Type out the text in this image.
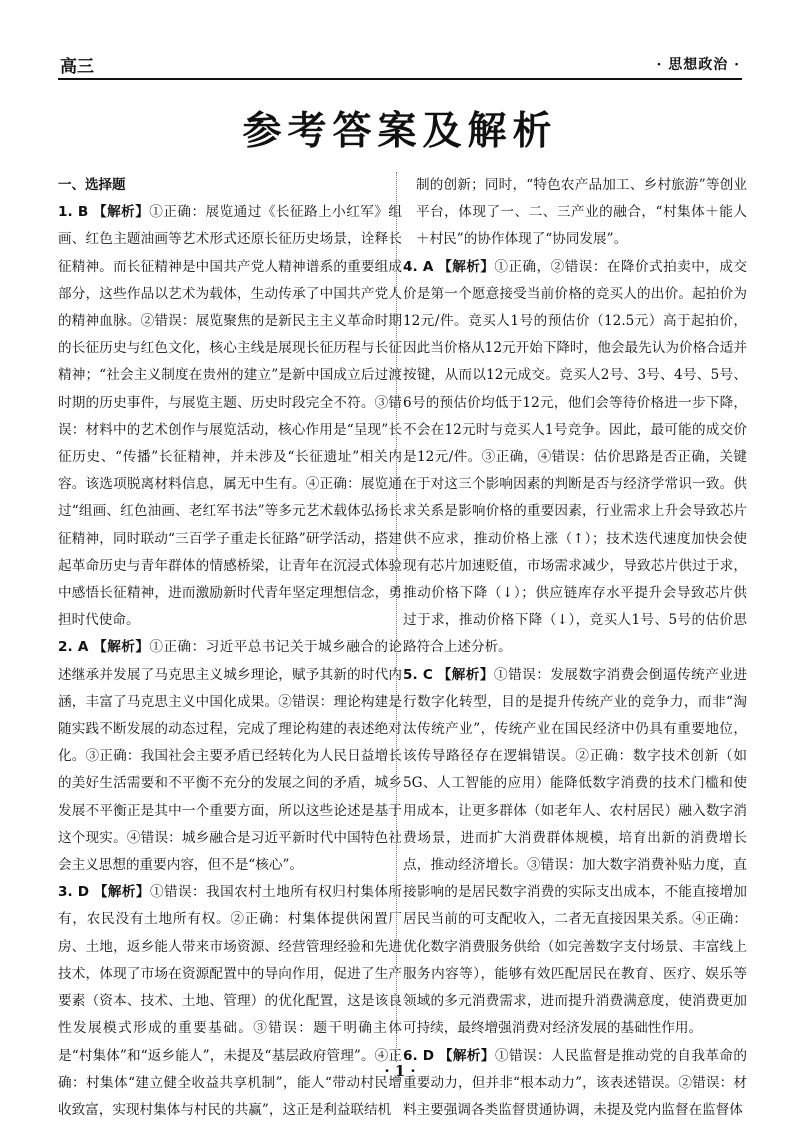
高三	· 思想政治 ·
参考答案及解析
一、选择题

1. B 【解析】①正确：展览通过《长征路上小红军》组画、红色主题油画等艺术形式还原长征历史场景，诠释长征精神。而长征精神是中国共产党人精神谱系的重要组成部分，这些作品以艺术为载体，生动传承了中国共产党人的精神血脉。②错误：展览聚焦的是新民主主义革命时期的长征历史与红色文化，核心主线是展现长征历程与长征精神；“社会主义制度在贵州的建立”是新中国成立后过渡时期的历史事件，与展览主题、历史时段完全不符。③错误：材料中的艺术创作与展览活动，核心作用是“呈现”长征历史、“传播”长征精神，并未涉及“长征遗址”相关内容。该选项脱离材料信息，属无中生有。④正确：展览通过“组画、红色油画、老红军书法”等多元艺术载体弘扬长征精神，同时联动“三百学子重走长征路”研学活动，搭建起革命历史与青年群体的情感桥梁，让青年在沉浸式体验中感悟长征精神，进而激励新时代青年坚定理想信念，勇担时代使命。

2. A 【解析】①正确：习近平总书记关于城乡融合的论述继承并发展了马克思主义城乡理论，赋予其新的时代内涵，丰富了马克思主义中国化成果。②错误：理论构建是随实践不断发展的动态过程，完成了理论构建的表述绝对化。③正确：我国社会主要矛盾已经转化为人民日益增长的美好生活需要和不平衡不充分的发展之间的矛盾，城乡发展不平衡正是其中一个重要方面，所以这些论述是基于这个现实。④错误：城乡融合是习近平新时代中国特色社会主义思想的重要内容，但不是“核心”。

3. D 【解析】①错误：我国农村土地所有权归村集体所有，农民没有土地所有权。②正确：村集体提供闲置厂房、土地，返乡能人带来市场资源、经营管理经验和先进技术，体现了市场在资源配置中的导向作用，促进了生产要素（资本、技术、土地、管理）的优化配置，这是该良性发展模式形成的重要基础。③错误：题干明确主体是“村集体”和“返乡能人”，未提及“基层政府管理”。④正确：村集体“建立健全收益共享机制”，能人“带动村民增收致富，实现村集体与村民的共赢”，这正是利益联结机

制的创新；同时，“特色农产品加工、乡村旅游”等创业平台，体现了一、二、三产业的融合，“村集体＋能人＋村民”的协作体现了“协同发展”。

4. A 【解析】①正确，②错误：在降价式拍卖中，成交价是第一个愿意接受当前价格的竞买人的出价。起拍价为12元/件。竞买人1号的预估价（12.5元）高于起拍价，因此当价格从12元开始下降时，他会最先认为价格合适并按键，从而以12元成交。竞买人2号、3号、4号、5号、6号的预估价均低于12元，他们会等待价格进一步下降，不会在12元时与竞买人1号竞争。因此，最可能的成交价是12元/件。③正确，④错误：估价思路是否正确，关键在于对这三个影响因素的判断是否与经济学常识一致。供求关系是影响价格的重要因素，行业需求上升会导致芯片供不应求，推动价格上涨（↑）；技术迭代速度加快会使现有芯片加速贬值，市场需求减少，导致芯片供过于求，推动价格下降（↓）；供应链库存水平提升会导致芯片供过于求，推动价格下降（↓），竞买人1号、5号的估价思路符合上述分析。

5. C 【解析】①错误：发展数字消费会倒逼传统产业进行数字化转型，目的是提升传统产业的竞争力，而非“淘汰传统产业”，传统产业在国民经济中仍具有重要地位，该传导路径存在逻辑错误。②正确：数字技术创新（如5G、人工智能的应用）能降低数字消费的技术门槛和使用成本，让更多群体（如老年人、农村居民）融入数字消费场景，进而扩大消费群体规模，培育出新的消费增长点，推动经济增长。③错误：加大数字消费补贴力度，直接影响的是居民数字消费的实际支出成本，不能直接增加居民当前的可支配收入，二者无直接因果关系。④正确：优化数字消费服务供给（如完善数字支付场景、丰富线上服务内容等），能够有效匹配居民在教育、医疗、娱乐等领域的多元消费需求，进而提升消费满意度，使消费更加可持续，最终增强消费对经济发展的基础性作用。

6. D 【解析】①错误：人民监督是推动党的自我革命的重要动力，但并非“根本动力”，该表述错误。②错误：材料主要强调各类监督贯通协调，未提及党内监督在监督体

· 1 ·
